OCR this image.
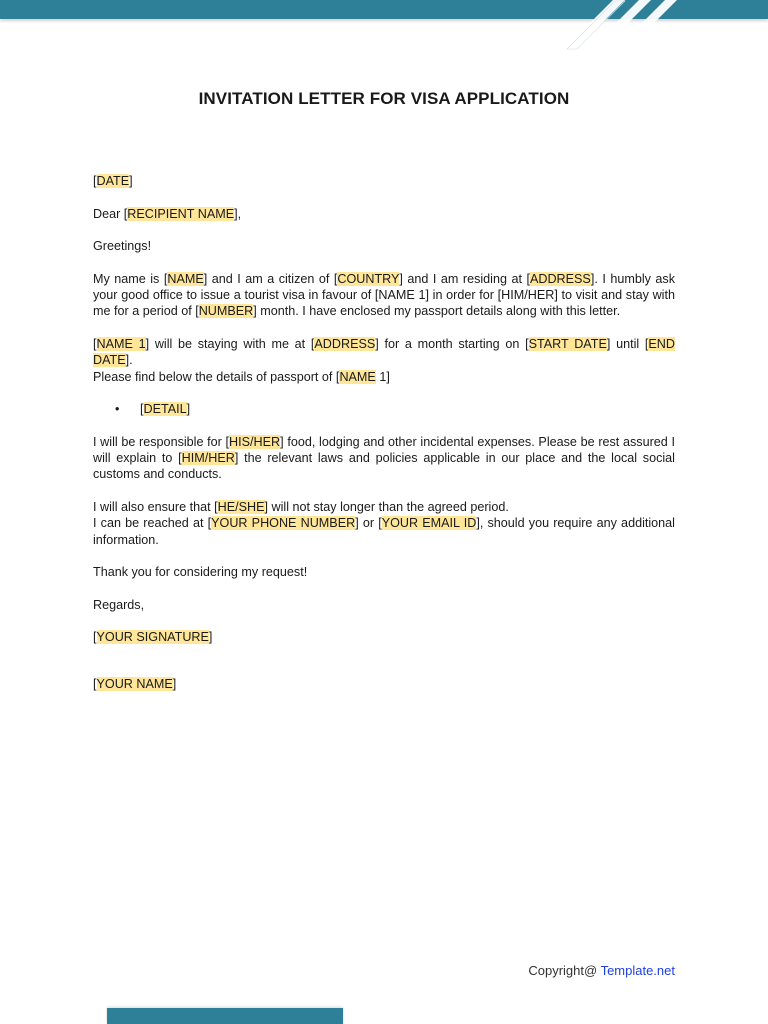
INVITATION LETTER FOR VISA APPLICATION

[DATE]

Dear [RECIPIENT NAME],

Greetings!

My name is [NAME] and I am a citizen of [COUNTRY] and I am residing at [ADDRESS]. I humbly ask your good office to issue a tourist visa in favour of [NAME 1] in order for [HIM/HER] to visit and stay with me for a period of [NUMBER] month. I have enclosed my passport details along with this letter.

[NAME 1] will be staying with me at [ADDRESS] for a month starting on [START DATE] until [END DATE].

Please find below the details of passport of [NAME 1]

• [DETAIL]

I will be responsible for [HIS/HER] food, lodging and other incidental expenses. Please be rest assured I will explain to [HIM/HER] the relevant laws and policies applicable in our place and the local social customs and conducts.

I will also ensure that [HE/SHE] will not stay longer than the agreed period.

I can be reached at [YOUR PHONE NUMBER] or [YOUR EMAIL ID], should you require any additional information.

Thank you for considering my request!

Regards,

[YOUR SIGNATURE]

[YOUR NAME]

Copyright@ Template.net
